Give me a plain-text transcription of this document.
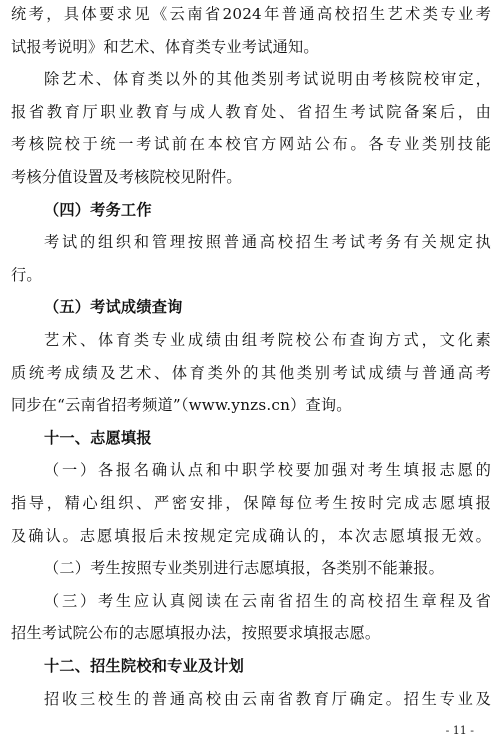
统考，具体要求见《云南省2024年普通高校招生艺术类专业考
试报考说明》和艺术、体育类专业考试通知。
除艺术、体育类以外的其他类别考试说明由考核院校审定，
报省教育厅职业教育与成人教育处、省招生考试院备案后，由
考核院校于统一考试前在本校官方网站公布。各专业类别技能
考核分值设置及考核院校见附件。
（四）考务工作
考试的组织和管理按照普通高校招生考试考务有关规定执
行。
（五）考试成绩查询
艺术、体育类专业成绩由组考院校公布查询方式，文化素
质统考成绩及艺术、体育类外的其他类别考试成绩与普通高考
同步在“云南省招考频道”（www.ynzs.cn）查询。
十一、志愿填报
（一）各报名确认点和中职学校要加强对考生填报志愿的
指导，精心组织、严密安排，保障每位考生按时完成志愿填报
及确认。志愿填报后未按规定完成确认的，本次志愿填报无效。
（二）考生按照专业类别进行志愿填报，各类别不能兼报。
（三）考生应认真阅读在云南省招生的高校招生章程及省
招生考试院公布的志愿填报办法，按照要求填报志愿。
- 11 -
十二、招生院校和专业及计划
招收三校生的普通高校由云南省教育厅确定。招生专业及
